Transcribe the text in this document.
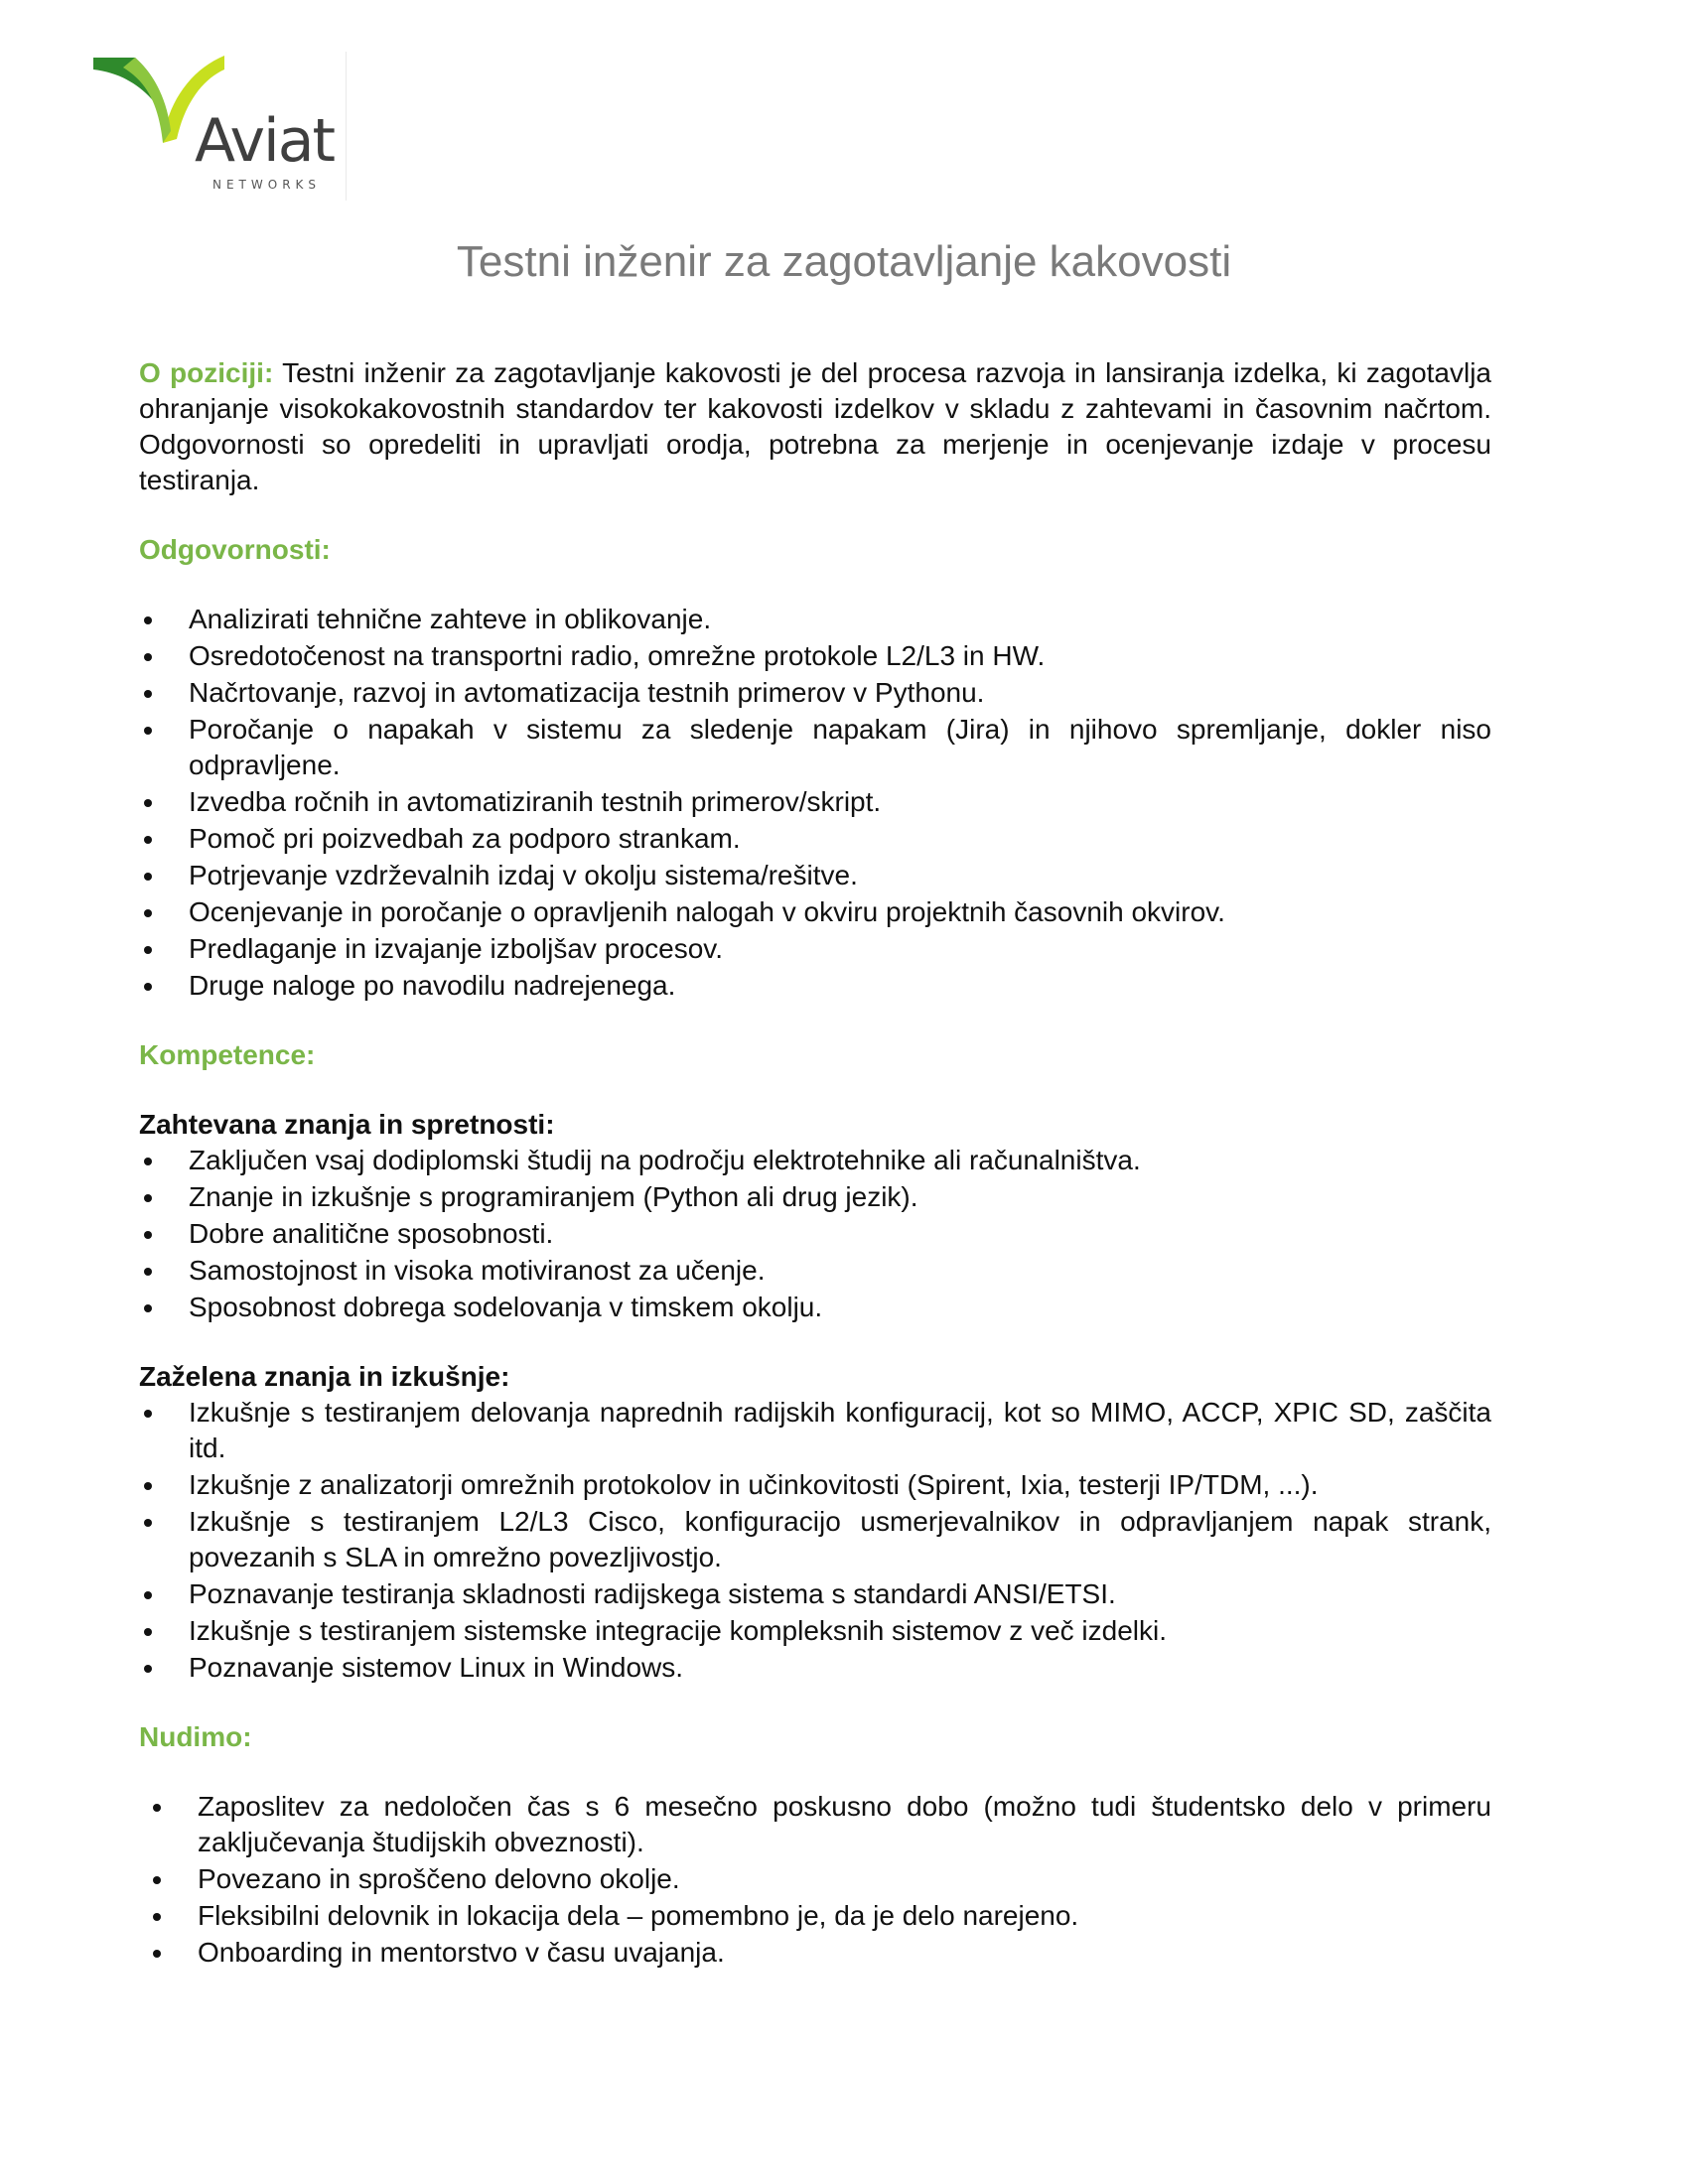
Aviat
NETWORKS
Testni inženir za zagotavljanje kakovosti

O poziciji: Testni inženir za zagotavljanje kakovosti je del procesa razvoja in lansiranja izdelka, ki zagotavlja ohranjanje visokokakovostnih standardov ter kakovosti izdelkov v skladu z zahtevami in časovnim načrtom. Odgovornosti so opredeliti in upravljati orodja, potrebna za merjenje in ocenjevanje izdaje v procesu testiranja.

Odgovornosti:

Analizirati tehnične zahteve in oblikovanje.
Osredotočenost na transportni radio, omrežne protokole L2/L3 in HW.
Načrtovanje, razvoj in avtomatizacija testnih primerov v Pythonu.
Poročanje o napakah v sistemu za sledenje napakam (Jira) in njihovo spremljanje, dokler niso odpravljene.
Izvedba ročnih in avtomatiziranih testnih primerov/skript.
Pomoč pri poizvedbah za podporo strankam.
Potrjevanje vzdrževalnih izdaj v okolju sistema/rešitve.
Ocenjevanje in poročanje o opravljenih nalogah v okviru projektnih časovnih okvirov.
Predlaganje in izvajanje izboljšav procesov.
Druge naloge po navodilu nadrejenega.

Kompetence:

Zahtevana znanja in spretnosti:

Zaključen vsaj dodiplomski študij na področju elektrotehnike ali računalništva.
Znanje in izkušnje s programiranjem (Python ali drug jezik).
Dobre analitične sposobnosti.
Samostojnost in visoka motiviranost za učenje.
Sposobnost dobrega sodelovanja v timskem okolju.

Zaželena znanja in izkušnje:

Izkušnje s testiranjem delovanja naprednih radijskih konfiguracij, kot so MIMO, ACCP, XPIC SD, zaščita itd.
Izkušnje z analizatorji omrežnih protokolov in učinkovitosti (Spirent, Ixia, testerji IP/TDM, ...).
Izkušnje s testiranjem L2/L3 Cisco, konfiguracijo usmerjevalnikov in odpravljanjem napak strank, povezanih s SLA in omrežno povezljivostjo.
Poznavanje testiranja skladnosti radijskega sistema s standardi ANSI/ETSI.
Izkušnje s testiranjem sistemske integracije kompleksnih sistemov z več izdelki.
Poznavanje sistemov Linux in Windows.

Nudimo:

Zaposlitev za nedoločen čas s 6 mesečno poskusno dobo (možno tudi študentsko delo v primeru zaključevanja študijskih obveznosti).
Povezano in sproščeno delovno okolje.
Fleksibilni delovnik in lokacija dela – pomembno je, da je delo narejeno.
Onboarding in mentorstvo v času uvajanja.
